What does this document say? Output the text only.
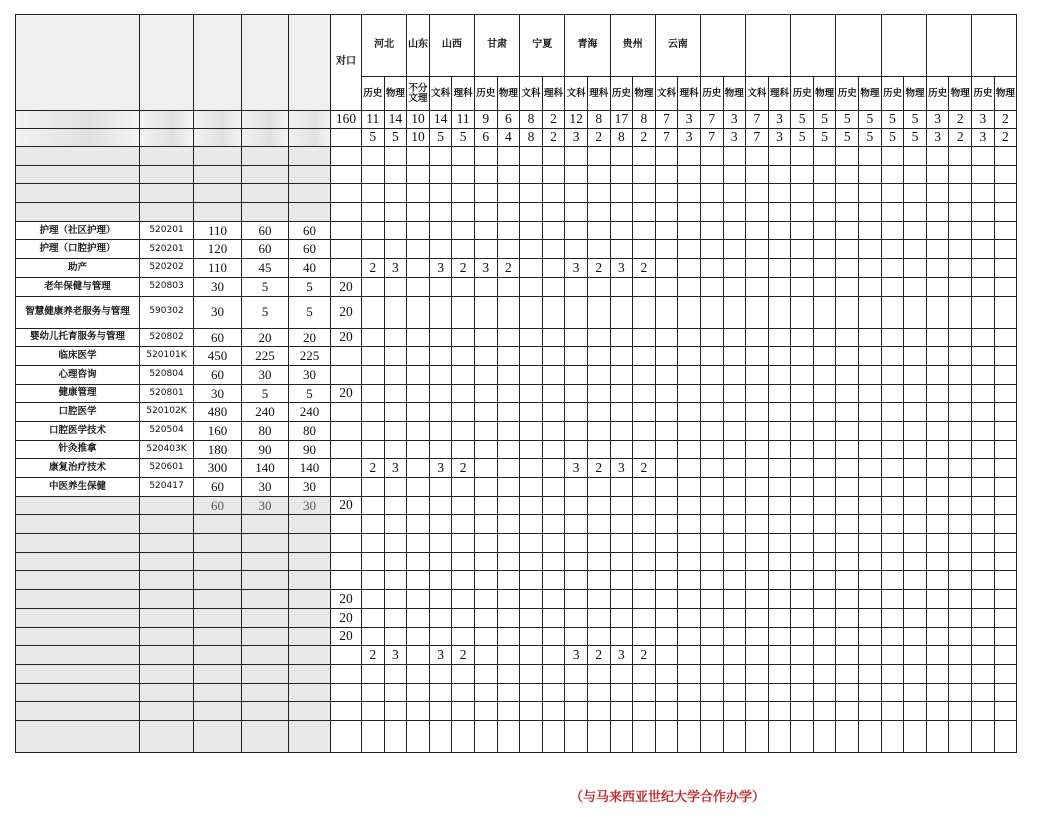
					对口	河北		山东	山西		甘肃		宁夏		青海		贵州		云南															
						历史	物理	不分文理	文科	理科	历史	物理	文科	理科	文科	理科	历史	物理	文科	理科	历史	物理	文科	理科	历史	物理	历史	物理	历史	物理	历史	物理	历史	物理
					160	11	14	10	14	11	9	6	8	2	12	8	17	8	7	3	7	3	7	3	5	5	5	5	5	5	3	2	3	2
						5	5	10	5	5	6	4	8	2	3	2	8	2	7	3	7	3	7	3	5	5	5	5	5	5	3	2	3	2

护理（社区护理）	520201	110	60	60																														
护理（口腔护理）	520201	120	60	60																														
助产	520202	110	45	40		2	3		3	2	3	2			3	2	3	2																
老年保健与管理	520803	30	5	5	20																													
智慧健康养老服务与管理	590302	30	5	5	20																													
婴幼儿托育服务与管理	520802	60	20	20	20																													
临床医学	520101K	450	225	225																														
心理咨询	520804	60	30	30																														
健康管理	520801	30	5	5	20																													
口腔医学	520102K	480	240	240																														
口腔医学技术	520504	160	80	80																														
针灸推拿	520403K	180	90	90																														
康复治疗技术	520601	300	140	140		2	3		3	2					3	2	3	2																
中医养生保健	520417	60	30	30																														
		60	30	30	20																													

					20																													
					20																													
					20																													
						2	3		3	2					3	2	3	2																

（与马来西亚世纪大学合作办学）
